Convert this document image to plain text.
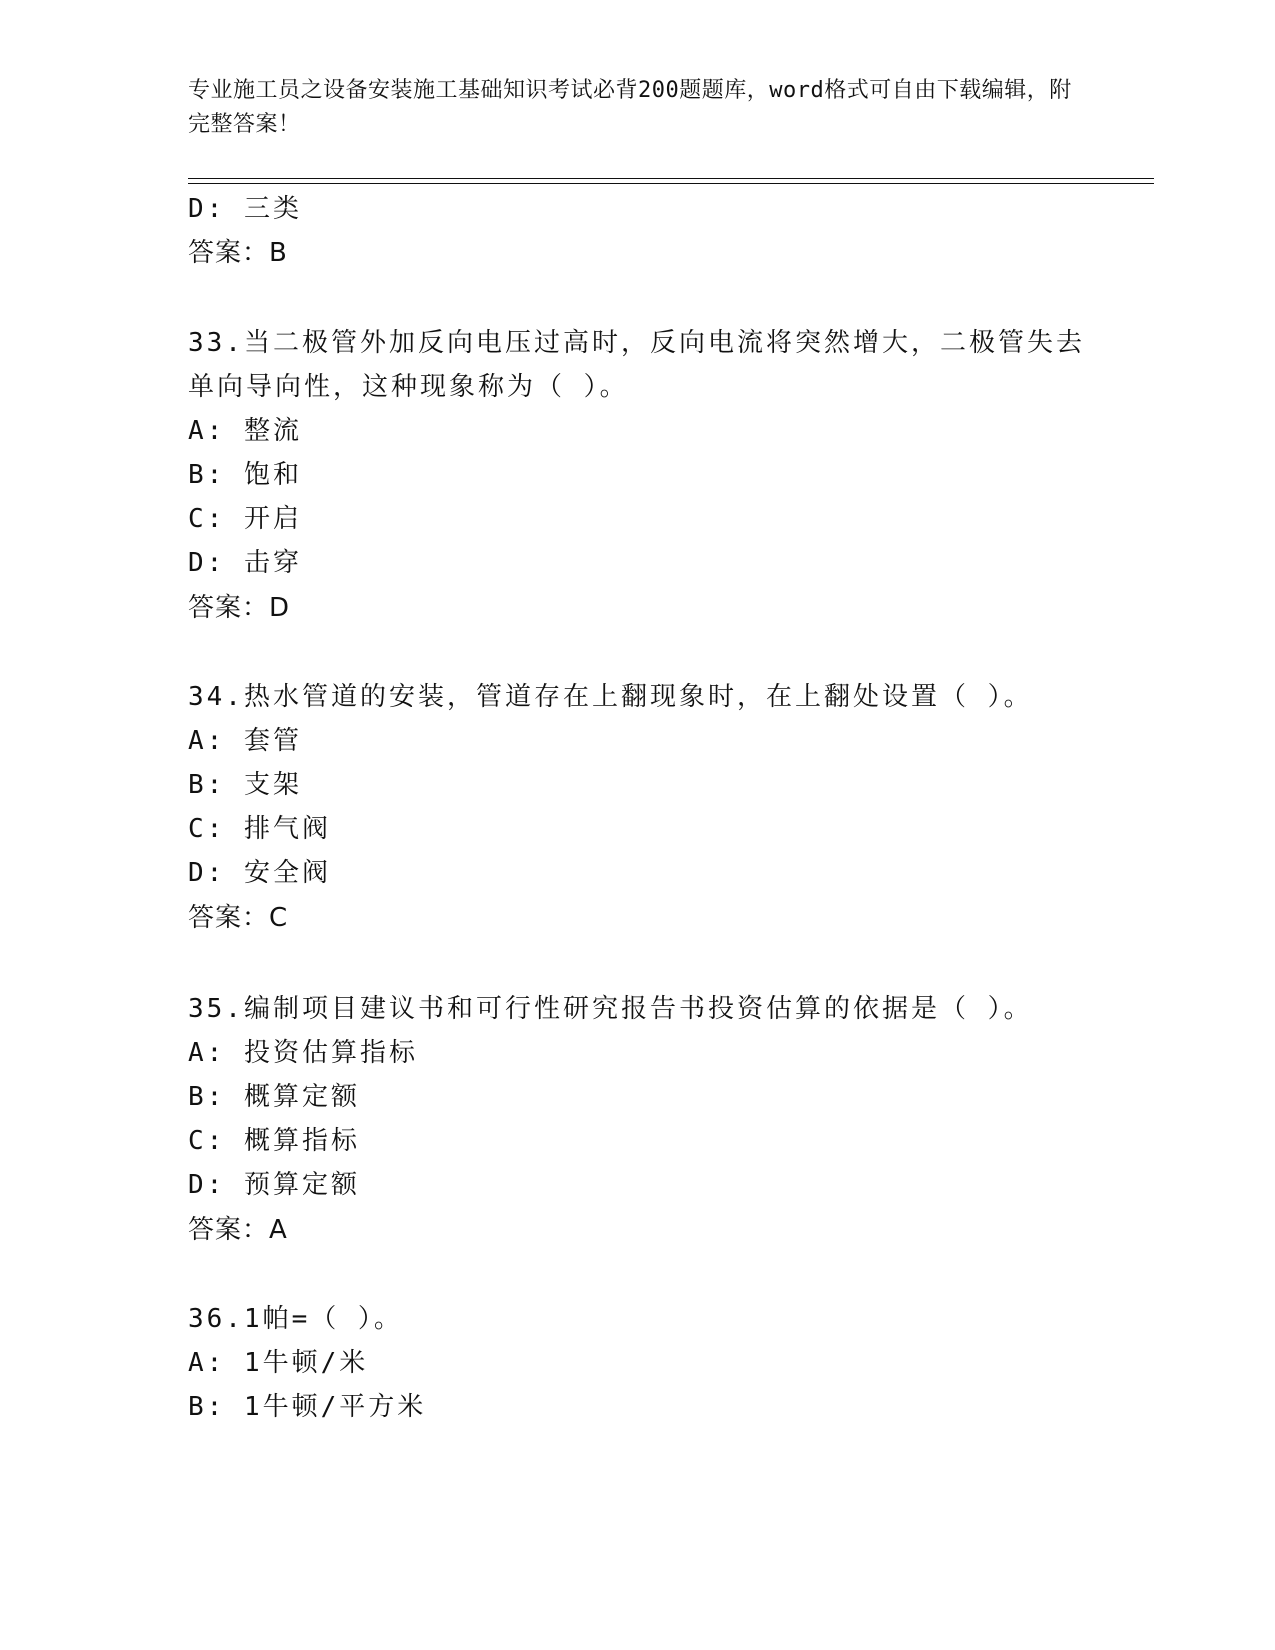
专业施工员之设备安装施工基础知识考试必背200题题库，word格式可自由下载编辑，附完整答案！
D: 三类
答案：B
33.当二极管外加反向电压过高时，反向电流将突然增大，二极管失去
单向导向性，这种现象称为（ ）。
A: 整流
B: 饱和
C: 开启
D: 击穿
答案：D
34.热水管道的安装，管道存在上翻现象时，在上翻处设置（ ）。
A: 套管
B: 支架
C: 排气阀
D: 安全阀
答案：C
35.编制项目建议书和可行性研究报告书投资估算的依据是（ ）。
A: 投资估算指标
B: 概算定额
C: 概算指标
D: 预算定额
答案：A
36.1帕=（ ）。
A: 1牛顿/米
B: 1牛顿/平方米
